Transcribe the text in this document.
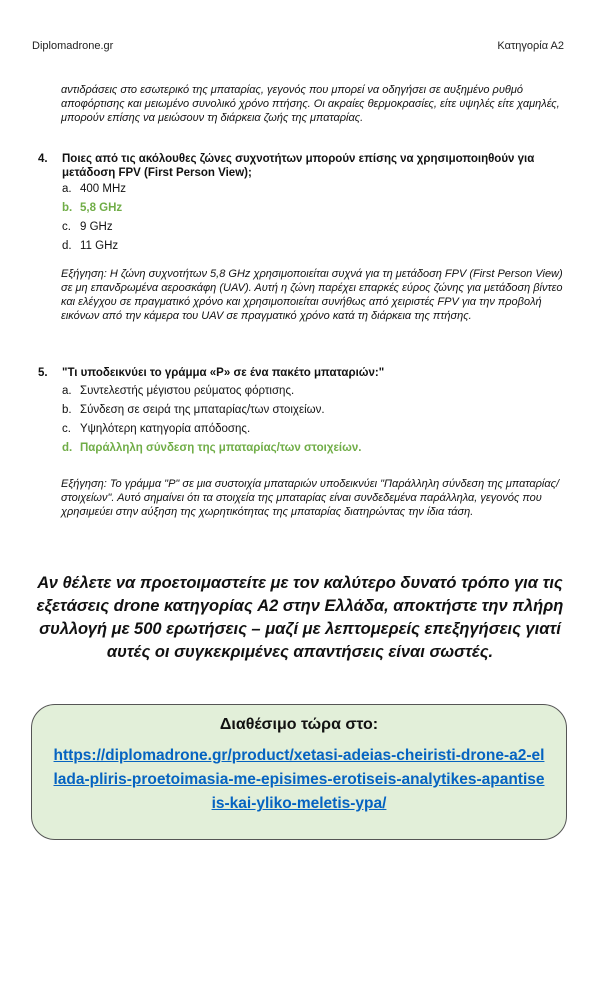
Diplomadrone.gr	Κατηγορία Α2

αντιδράσεις στο εσωτερικό της μπαταρίας, γεγονός που μπορεί να οδηγήσει σε αυξημένο ρυθμό αποφόρτισης και μειωμένο συνολικό χρόνο πτήσης. Οι ακραίες θερμοκρασίες, είτε υψηλές είτε χαμηλές, μπορούν επίσης να μειώσουν τη διάρκεια ζωής της μπαταρίας.

4.	Ποιες από τις ακόλουθες ζώνες συχνοτήτων μπορούν επίσης να χρησιμοποιηθούν για μετάδοση FPV (First Person View);
a. 400 MHz
b. 5,8 GHz
c. 9 GHz
d. 11 GHz

Εξήγηση: Η ζώνη συχνοτήτων 5,8 GHz χρησιμοποιείται συχνά για τη μετάδοση FPV (First Person View) σε μη επανδρωμένα αεροσκάφη (UAV). Αυτή η ζώνη παρέχει επαρκές εύρος ζώνης για μετάδοση βίντεο και ελέγχου σε πραγματικό χρόνο και χρησιμοποιείται συνήθως από χειριστές FPV για την προβολή εικόνων από την κάμερα του UAV σε πραγματικό χρόνο κατά τη διάρκεια της πτήσης.

5.	"Τι υποδεικνύει το γράμμα «P» σε ένα πακέτο μπαταριών:"
a. Συντελεστής μέγιστου ρεύματος φόρτισης.
b. Σύνδεση σε σειρά της μπαταρίας/των στοιχείων.
c. Υψηλότερη κατηγορία απόδοσης.
d. Παράλληλη σύνδεση της μπαταρίας/των στοιχείων.

Εξήγηση: Το γράμμα "P" σε μια συστοιχία μπαταριών υποδεικνύει "Παράλληλη σύνδεση της μπαταρίας/στοιχείων". Αυτό σημαίνει ότι τα στοιχεία της μπαταρίας είναι συνδεδεμένα παράλληλα, γεγονός που χρησιμεύει στην αύξηση της χωρητικότητας της μπαταρίας διατηρώντας την ίδια τάση.

Αν θέλετε να προετοιμαστείτε με τον καλύτερο δυνατό τρόπο για τις εξετάσεις drone κατηγορίας A2 στην Ελλάδα, αποκτήστε την πλήρη συλλογή με 500 ερωτήσεις – μαζί με λεπτομερείς επεξηγήσεις γιατί αυτές οι συγκεκριμένες απαντήσεις είναι σωστές.

Διαθέσιμο τώρα στο:
https://diplomadrone.gr/product/xetasi-adeias-cheiristi-drone-a2-ellada-pliris-proetoimasia-me-episimes-erotiseis-analytikes-apantiseis-kai-yliko-meletis-ypa/
